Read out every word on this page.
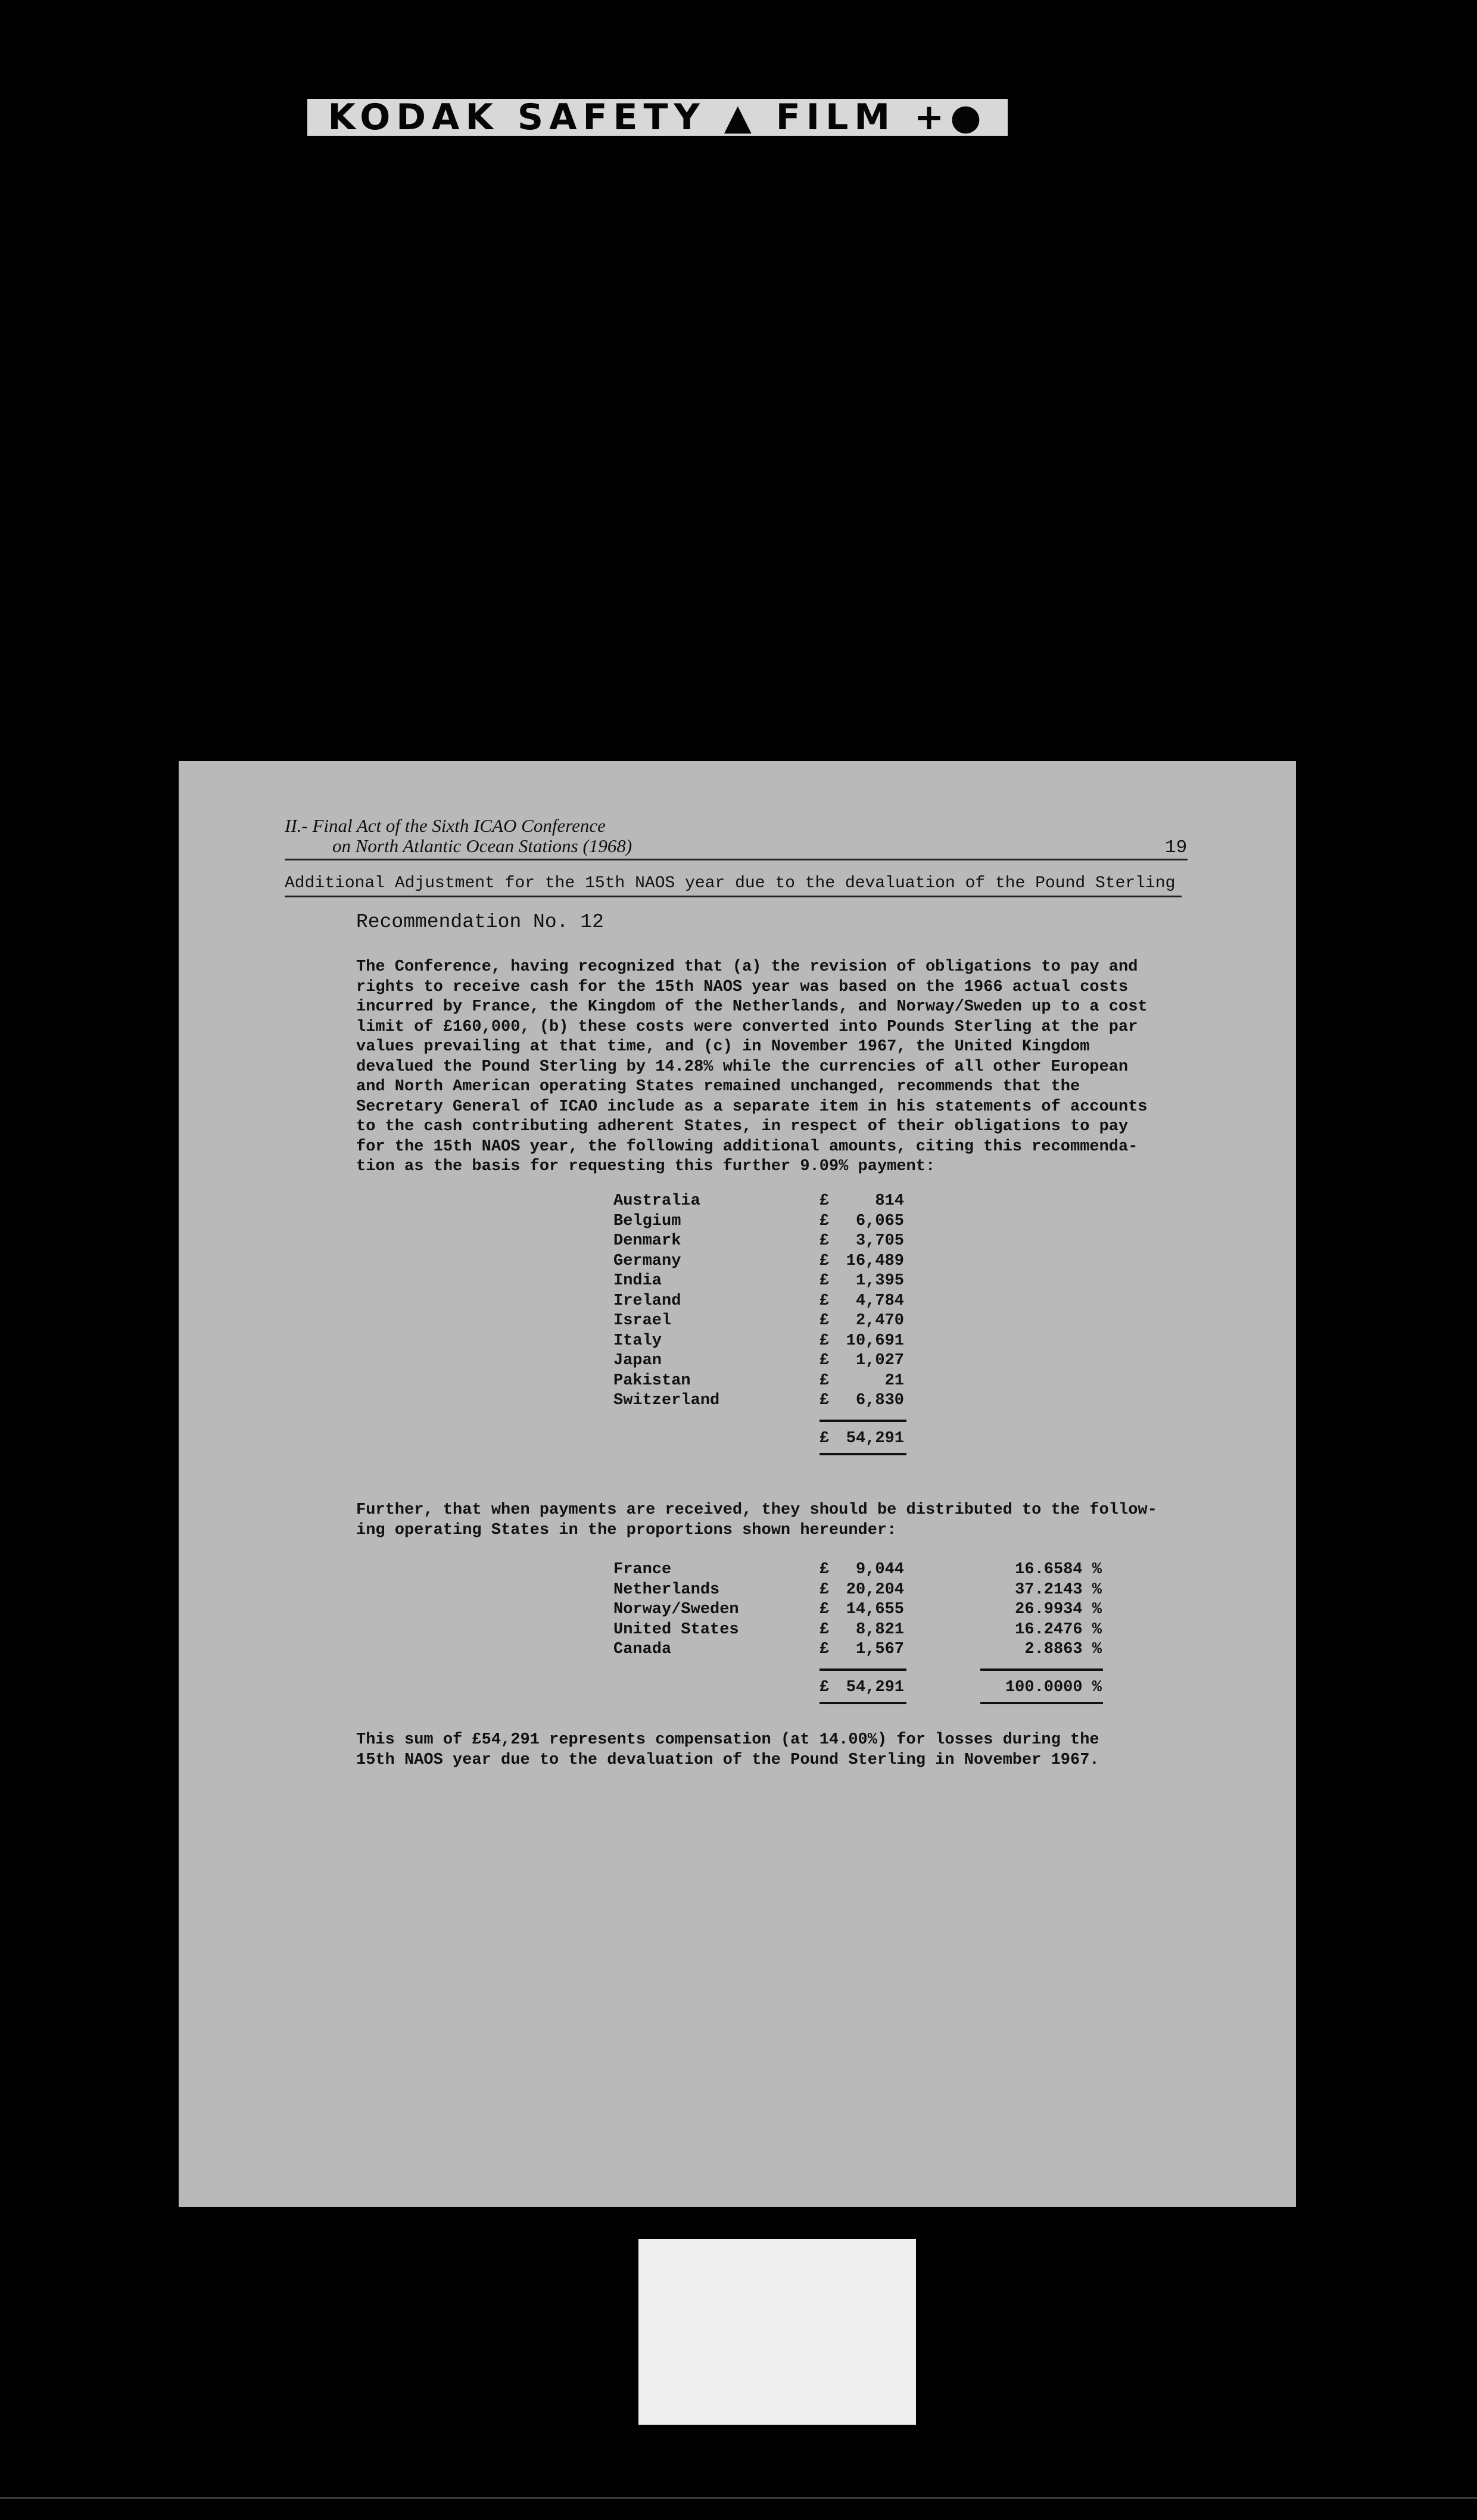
KODAK SAFETY ▲ FILM +●
II.- Final Act of the Sixth ICAO Conference
on North Atlantic Ocean Stations (1968)	19
Additional Adjustment for the 15th NAOS year due to the devaluation of the Pound Sterling
Recommendation No. 12
The Conference, having recognized that (a) the revision of obligations to pay and
rights to receive cash for the 15th NAOS year was based on the 1966 actual costs
incurred by France, the Kingdom of the Netherlands, and Norway/Sweden up to a cost
limit of £160,000, (b) these costs were converted into Pounds Sterling at the par
values prevailing at that time, and (c) in November 1967, the United Kingdom
devalued the Pound Sterling by 14.28% while the currencies of all other European
and North American operating States remained unchanged, recommends that the
Secretary General of ICAO include as a separate item in his statements of accounts
to the cash contributing adherent States, in respect of their obligations to pay
for the 15th NAOS year, the following additional amounts, citing this recommenda-
tion as the basis for requesting this further 9.09% payment:
Australia	£	814
Belgium	£ 6,065
Denmark	£ 3,705
Germany	£ 16,489
India	£ 1,395
Ireland	£ 4,784
Israel	£ 2,470
Italy	£ 10,691
Japan	£ 1,027
Pakistan	£	21
Switzerland	£ 6,830
£ 54,291
Further, that when payments are received, they should be distributed to the follow-
ing operating States in the proportions shown hereunder:
France	£ 9,044	16.6584 %
Netherlands	£ 20,204	37.2143 %
Norway/Sweden	£ 14,655	26.9934 %
United States	£ 8,821	16.2476 %
Canada	£ 1,567	2.8863 %
£ 54,291	100.0000 %
This sum of £54,291 represents compensation (at 14.00%) for losses during the
15th NAOS year due to the devaluation of the Pound Sterling in November 1967.
